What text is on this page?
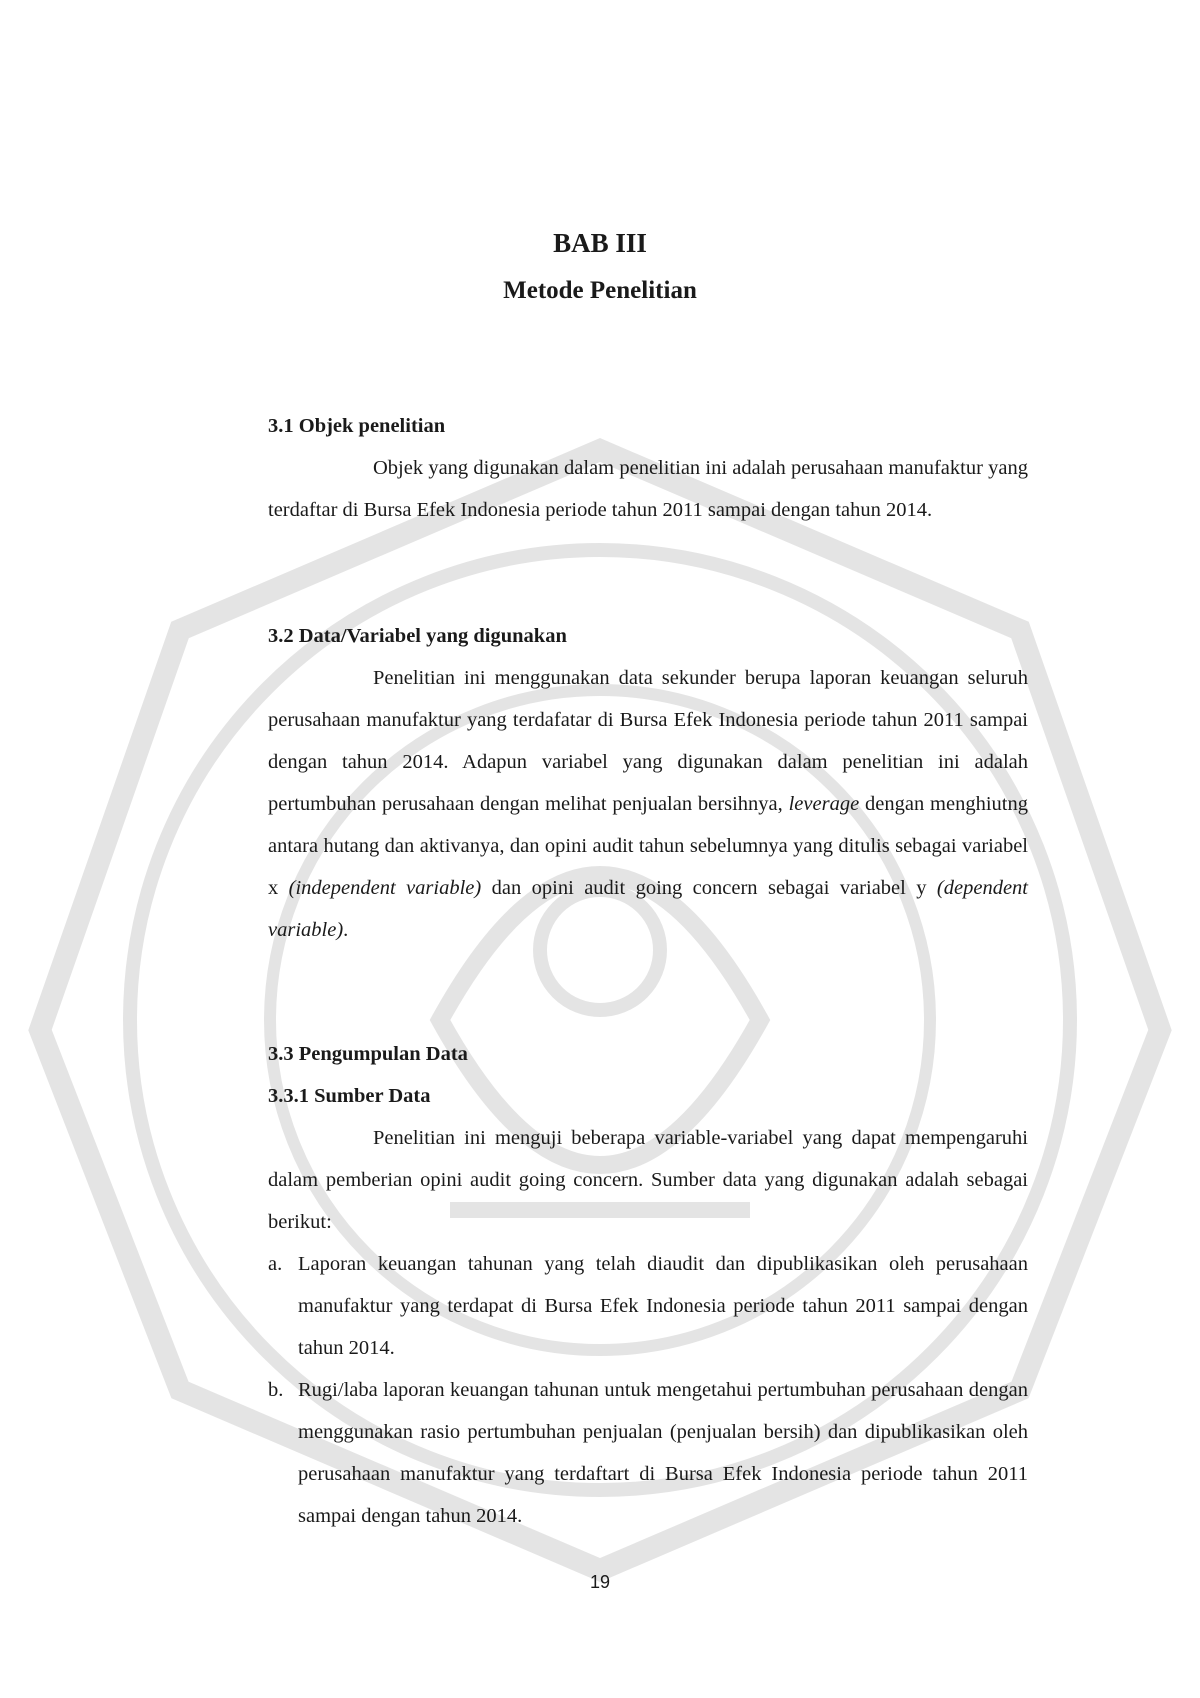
BAB III
Metode Penelitian
3.1 Objek penelitian

Objek yang digunakan dalam penelitian ini adalah perusahaan manufaktur yang terdaftar di Bursa Efek Indonesia periode tahun 2011 sampai dengan tahun 2014.

3.2 Data/Variabel yang digunakan

Penelitian ini menggunakan data sekunder berupa laporan keuangan seluruh perusahaan manufaktur yang terdafatar di Bursa Efek Indonesia periode tahun 2011 sampai dengan tahun 2014. Adapun variabel yang digunakan dalam penelitian ini adalah pertumbuhan perusahaan dengan melihat penjualan bersihnya, leverage dengan menghiutng antara hutang dan aktivanya, dan opini audit tahun sebelumnya yang ditulis sebagai variabel x (independent variable) dan opini audit going concern sebagai variabel y (dependent variable).

3.3 Pengumpulan Data
3.3.1 Sumber Data

Penelitian ini menguji beberapa variable-variabel yang dapat mempengaruhi dalam pemberian opini audit going concern. Sumber data yang digunakan adalah sebagai berikut:

a. Laporan keuangan tahunan yang telah diaudit dan dipublikasikan oleh perusahaan manufaktur yang terdapat di Bursa Efek Indonesia periode tahun 2011 sampai dengan tahun 2014.
b. Rugi/laba laporan keuangan tahunan untuk mengetahui pertumbuhan perusahaan dengan menggunakan rasio pertumbuhan penjualan (penjualan bersih) dan dipublikasikan oleh perusahaan manufaktur yang terdaftart di Bursa Efek Indonesia periode tahun 2011 sampai dengan tahun 2014.
19
